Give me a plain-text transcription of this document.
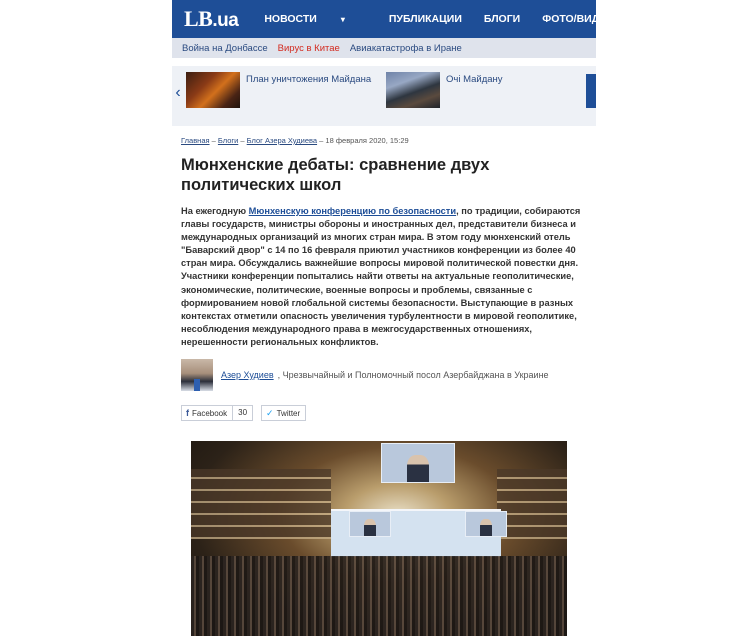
LB.ua НОВОСТИ	▾	ПУБЛИКАЦИИ БЛОГИ ФОТО/ВИДЕО
Война на Донбассе Вирус в Китае Авиакатастрофа в Иране
‹
План уничтожения Майдана	Очі Майдану
Главная – Блоги – Блог Азера Худиева – 18 февраля 2020, 15:29
Мюнхенские дебаты: сравнение двух политических школ
На ежегодную Мюнхенскую конференцию по безопасности, по традиции, собираются главы государств, министры обороны и иностранных дел, представители бизнеса и международных организаций из многих стран мира. В этом году мюнхенский отель "Баварский двор" с 14 по 16 февраля приютил участников конференции из более 40 стран мира. Обсуждались важнейшие вопросы мировой политической повестки дня. Участники конференции попытались найти ответы на актуальные геополитические, экономические, политические, военные вопросы и проблемы, связанные с формированием новой глобальной системы безопасности. Выступающие в разных контекстах отметили опасность увеличения турбулентности в мировой геополитике, несоблюдения международного права в межгосударственных отношениях, нерешенности региональных конфликтов.
Азер Худиев , Чрезвычайный и Полномочный посол Азербайджана в Украине
f Facebook	30	✓ Twitter
